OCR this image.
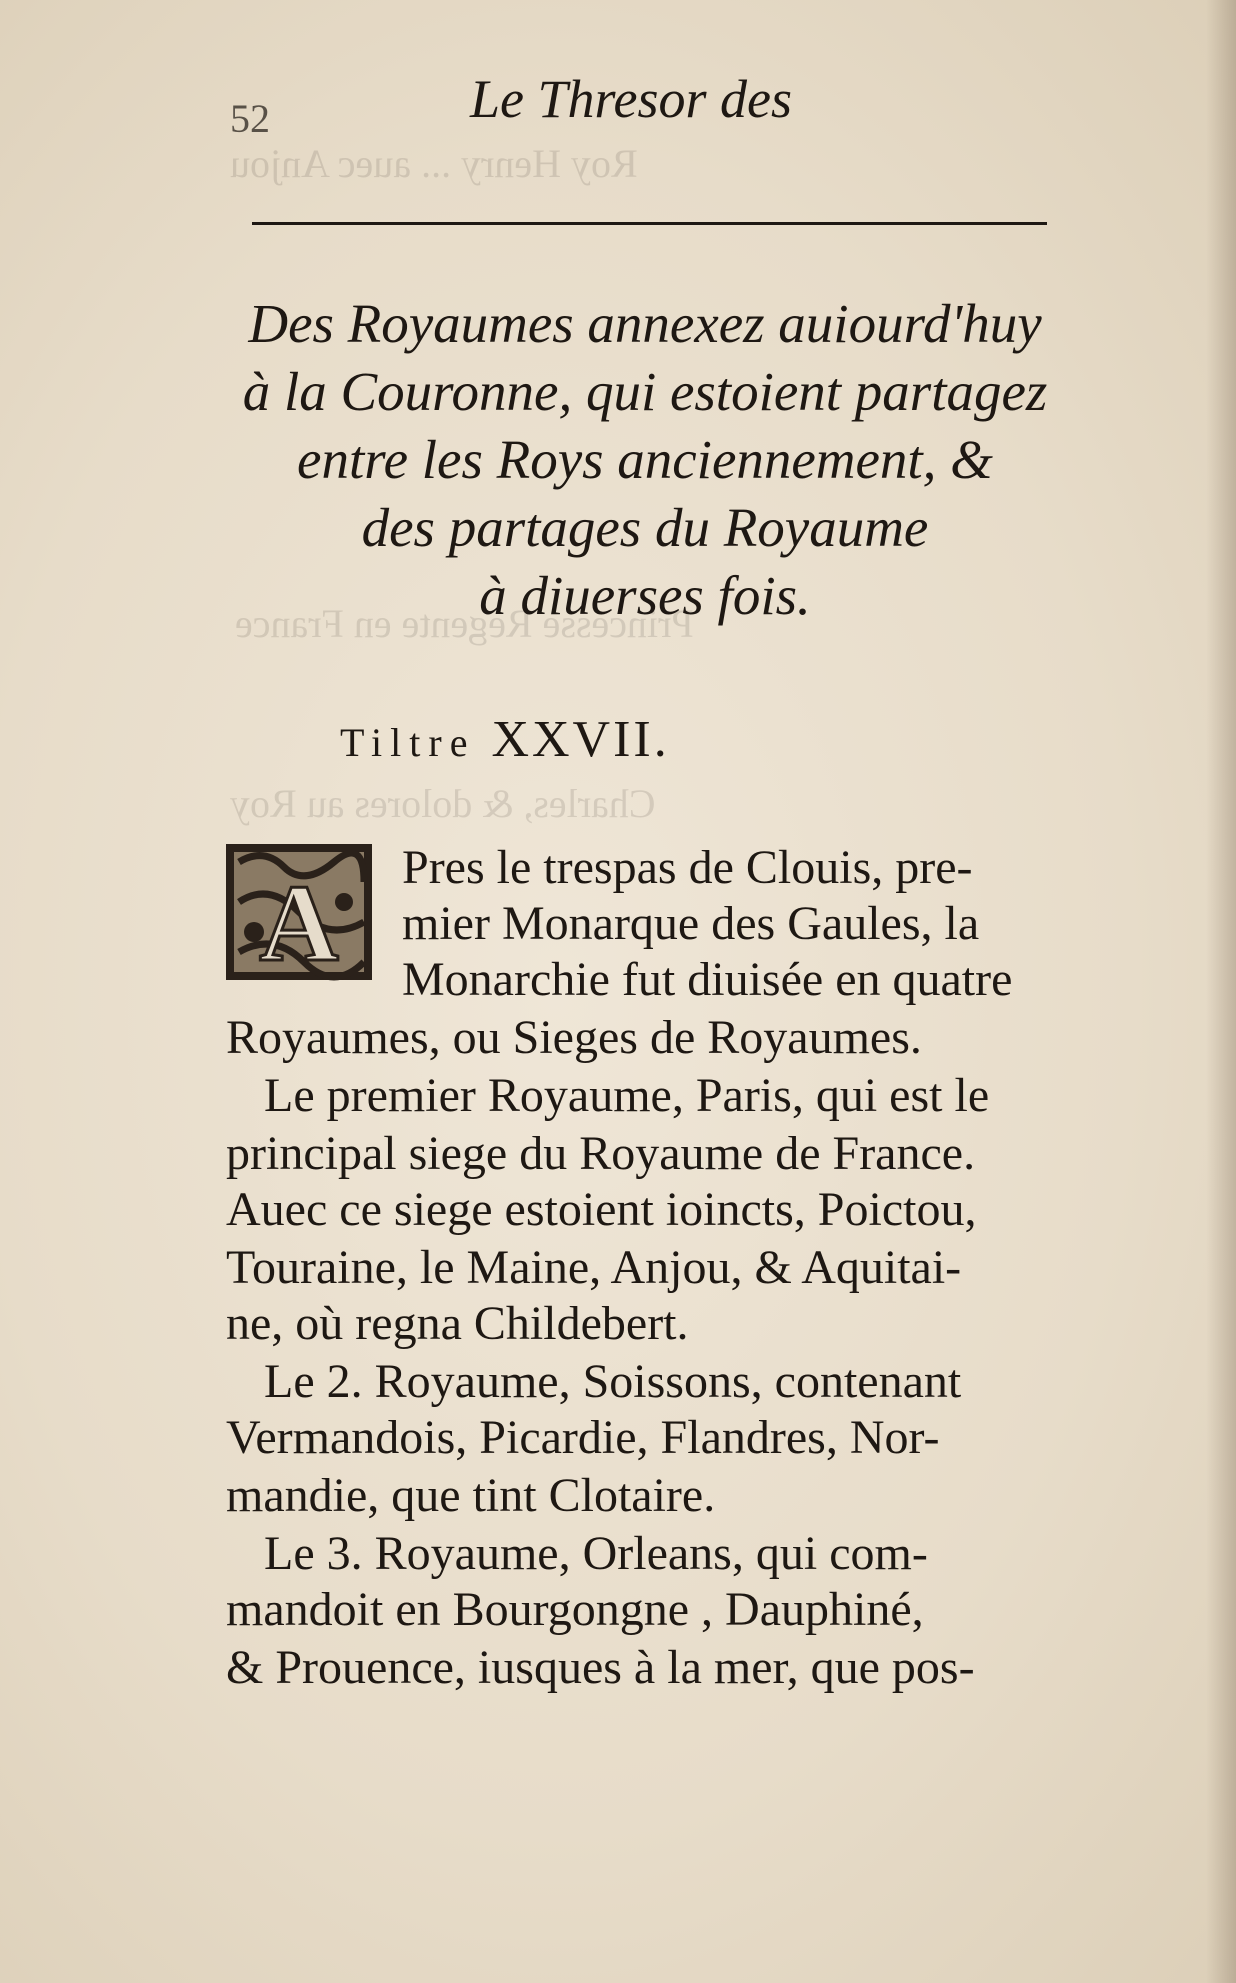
Roy Henry ... auec Anjou
Princesse Regente en France
Charles, & dolores au Roy
52	Le Thresor des
Des Royaumes annexez auiourd'huy
à la Couronne, qui estoient partagez
entre les Roys anciennement, &
des partages du Royaume
à diuerses fois.
Tiltre XXVII.
A Pres le trespas de Clouis, pre-
mier Monarque des Gaules, la
Monarchie fut diuisée en quatre
Royaumes, ou Sieges de Royaumes.
Le premier Royaume, Paris, qui est le
principal siege du Royaume de France.
Auec ce siege estoient ioincts, Poictou,
Touraine, le Maine, Anjou, & Aquitai-
ne, où regna Childebert.
Le 2. Royaume, Soissons, contenant
Vermandois, Picardie, Flandres, Nor-
mandie, que tint Clotaire.
Le 3. Royaume, Orleans, qui com-
mandoit en Bourgongne , Dauphiné,
& Prouence, iusques à la mer, que pos-
